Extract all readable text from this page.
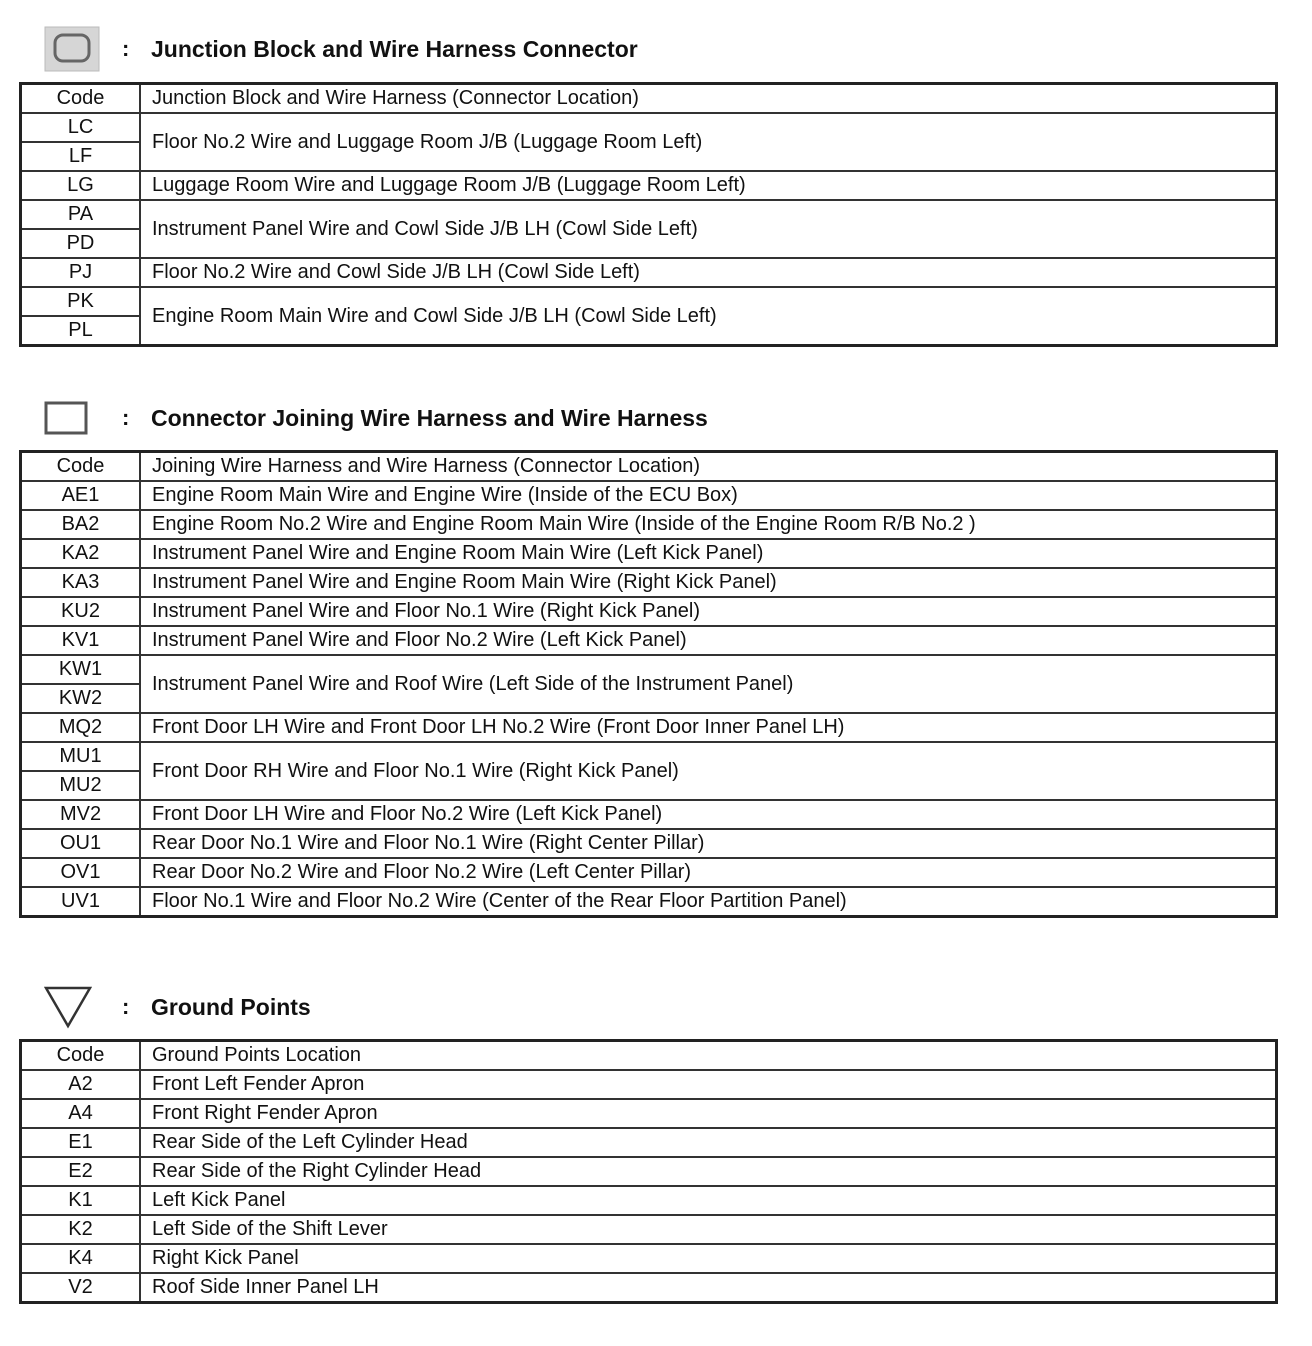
: Junction Block and Wire Harness Connector
Code	Junction Block and Wire Harness (Connector Location)
LC	Floor No.2 Wire and Luggage Room J/B (Luggage Room Left)
LF	
LG	Luggage Room Wire and Luggage Room J/B (Luggage Room Left)
PA	Instrument Panel Wire and Cowl Side J/B LH (Cowl Side Left)
PD	
PJ	Floor No.2 Wire and Cowl Side J/B LH (Cowl Side Left)
PK	Engine Room Main Wire and Cowl Side J/B LH (Cowl Side Left)
PL	
: Connector Joining Wire Harness and Wire Harness
Code	Joining Wire Harness and Wire Harness (Connector Location)
AE1	Engine Room Main Wire and Engine Wire (Inside of the ECU Box)
BA2	Engine Room No.2 Wire and Engine Room Main Wire (Inside of the Engine Room R/B No.2 )
KA2	Instrument Panel Wire and Engine Room Main Wire (Left Kick Panel)
KA3	Instrument Panel Wire and Engine Room Main Wire (Right Kick Panel)
KU2	Instrument Panel Wire and Floor No.1 Wire (Right Kick Panel)
KV1	Instrument Panel Wire and Floor No.2 Wire (Left Kick Panel)
KW1	Instrument Panel Wire and Roof Wire (Left Side of the Instrument Panel)
KW2	
MQ2	Front Door LH Wire and Front Door LH No.2 Wire (Front Door Inner Panel LH)
MU1	Front Door RH Wire and Floor No.1 Wire (Right Kick Panel)
MU2	
MV2	Front Door LH Wire and Floor No.2 Wire (Left Kick Panel)
OU1	Rear Door No.1 Wire and Floor No.1 Wire (Right Center Pillar)
OV1	Rear Door No.2 Wire and Floor No.2 Wire (Left Center Pillar)
UV1	Floor No.1 Wire and Floor No.2 Wire (Center of the Rear Floor Partition Panel)
: Ground Points
Code	Ground Points Location
A2	Front Left Fender Apron
A4	Front Right Fender Apron
E1	Rear Side of the Left Cylinder Head
E2	Rear Side of the Right Cylinder Head
K1	Left Kick Panel
K2	Left Side of the Shift Lever
K4	Right Kick Panel
V2	Roof Side Inner Panel LH
